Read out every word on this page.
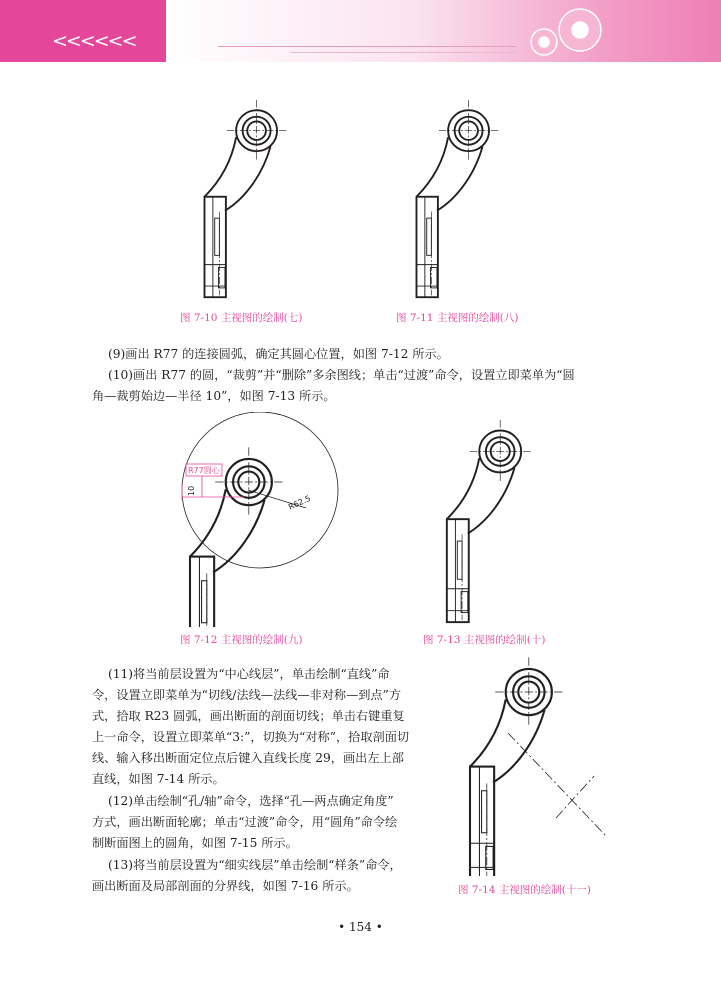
<<<<<<
图 7-10 主视图的绘制(七)	图 7-11 主视图的绘制(八)
(9)画出 R77 的连接圆弧，确定其圆心位置，如图 7-12 所示。
(10)画出 R77 的圆，“裁剪”并“删除”多余图线；单击“过渡”命令，设置立即菜单为“圆
角—裁剪始边—半径 10”，如图 7-13 所示。
R77圆心
10
R62.5
图 7-12 主视图的绘制(九)	图 7-13 主视图的绘制(十)
(11)将当前层设置为“中心线层”，单击绘制“直线”命
令，设置立即菜单为“切线/法线—法线—非对称—到点”方
式，拾取 R23 圆弧，画出断面的剖面切线；单击右键重复
上一命令，设置立即菜单“3:”，切换为“对称”，拾取剖面切
线、输入移出断面定位点后键入直线长度 29，画出左上部
直线，如图 7-14 所示。
(12)单击绘制“孔/轴”命令，选择“孔—两点确定角度”
方式，画出断面轮廓；单击“过渡”命令，用“圆角”命令绘
制断面图上的圆角，如图 7-15 所示。
(13)将当前层设置为“细实线层”单击绘制“样条”命令，
画出断面及局部剖面的分界线，如图 7-16 所示。	图 7-14 主视图的绘制(十一)
• 154 •
